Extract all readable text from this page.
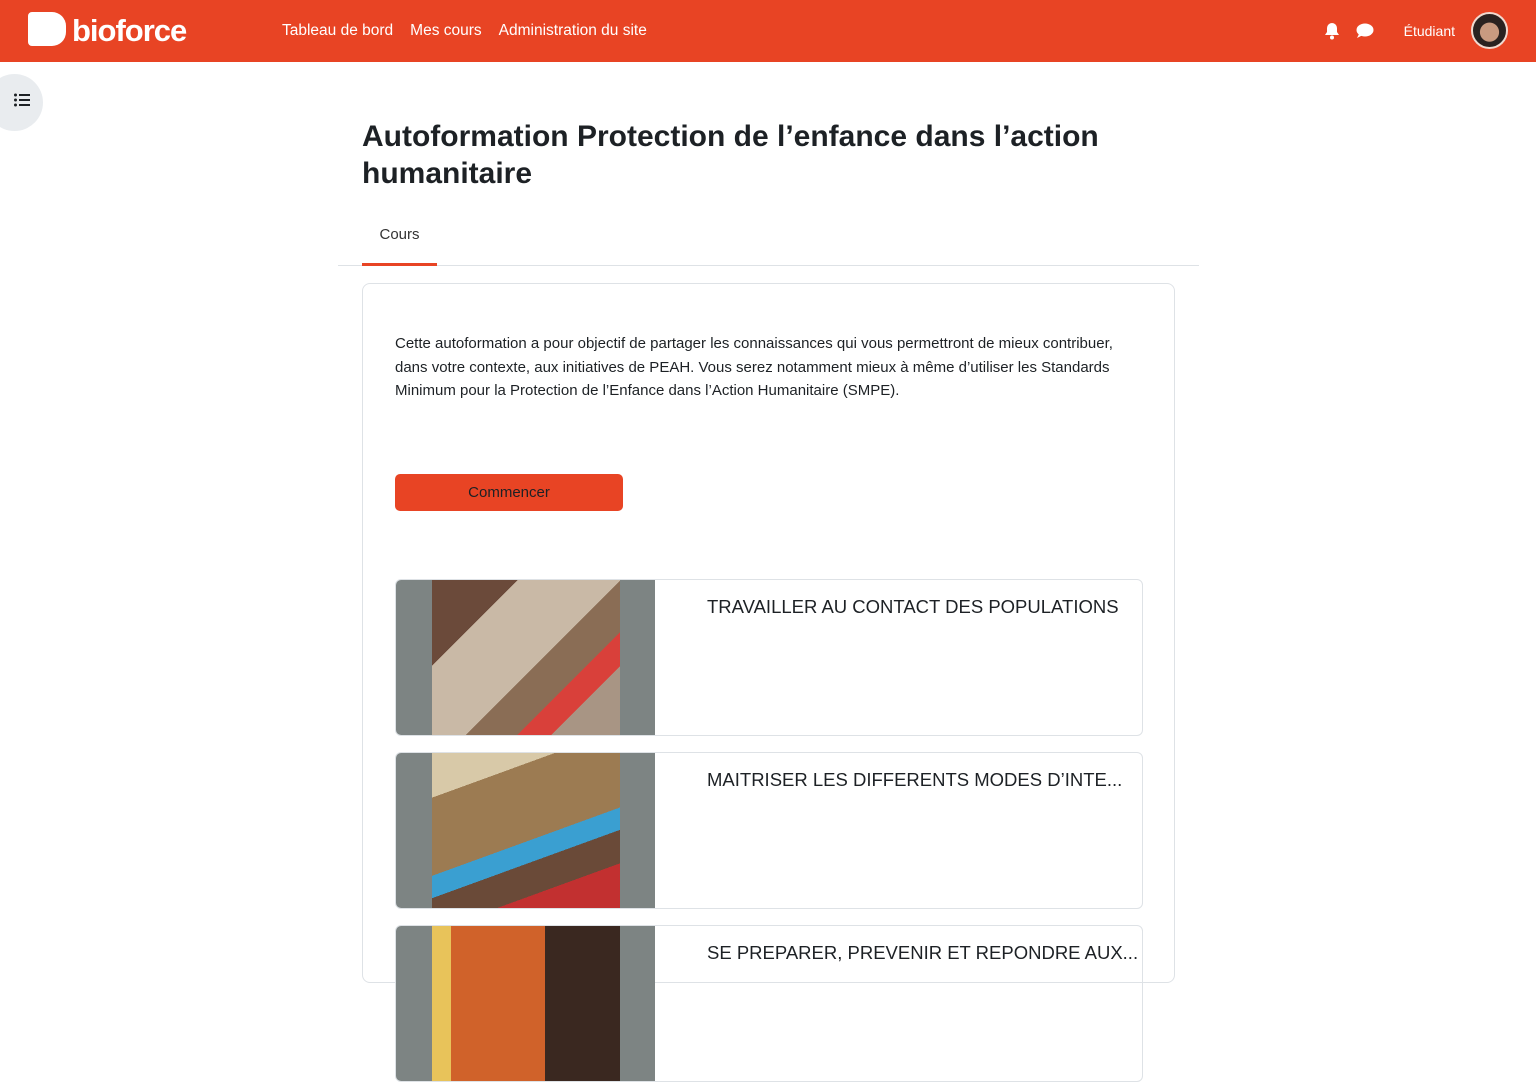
bioforce	Tableau de bord Mes cours Administration du site	Étudiant
Autoformation Protection de l’enfance dans l’action humanitaire
Cours

Cette autoformation a pour objectif de partager les connaissances qui vous permettront de mieux contribuer, dans votre contexte, aux initiatives de PEAH. Vous serez notamment mieux à même d’utiliser les Standards Minimum pour la Protection de l’Enfance dans l’Action Humanitaire (SMPE).

Commencer
TRAVAILLER AU CONTACT DES POPULATIONS
MAITRISER LES DIFFERENTS MODES D’INTE...
SE PREPARER, PREVENIR ET REPONDRE AUX...
